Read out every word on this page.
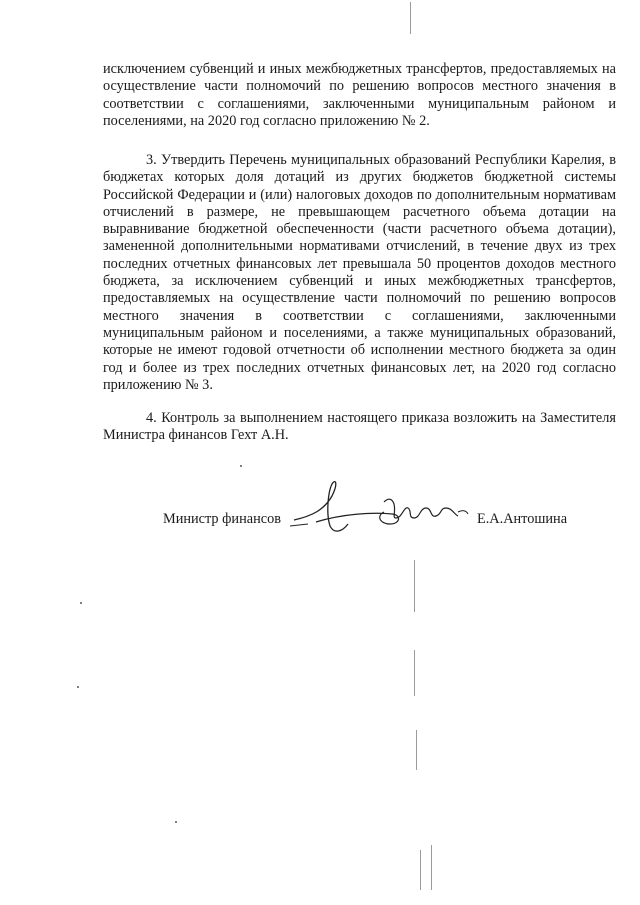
исключением субвенций и иных межбюджетных трансфертов, предоставляемых на осуществление части полномочий по решению вопросов местного значения в соответствии с соглашениями, заключенными муниципальным районом и поселениями, на 2020 год согласно приложению № 2.

3. Утвердить Перечень муниципальных образований Республики Карелия, в бюджетах которых доля дотаций из других бюджетов бюджетной системы Российской Федерации и (или) налоговых доходов по дополнительным нормативам отчислений в размере, не превышающем расчетного объема дотации на выравнивание бюджетной обеспеченности (части расчетного объема дотации), замененной дополнительными нормативами отчислений, в течение двух из трех последних отчетных финансовых лет превышала 50 процентов доходов местного бюджета, за исключением субвенций и иных межбюджетных трансфертов, предоставляемых на осуществление части полномочий по решению вопросов местного значения в соответствии с соглашениями, заключенными муниципальным районом и поселениями, а также муниципальных образований, которые не имеют годовой отчетности об исполнении местного бюджета за один год и более из трех последних отчетных финансовых лет, на 2020 год согласно приложению № 3.

4. Контроль за выполнением настоящего приказа возложить на Заместителя Министра финансов Гехт А.Н.

Министр финансов	Е.А.Антошина
